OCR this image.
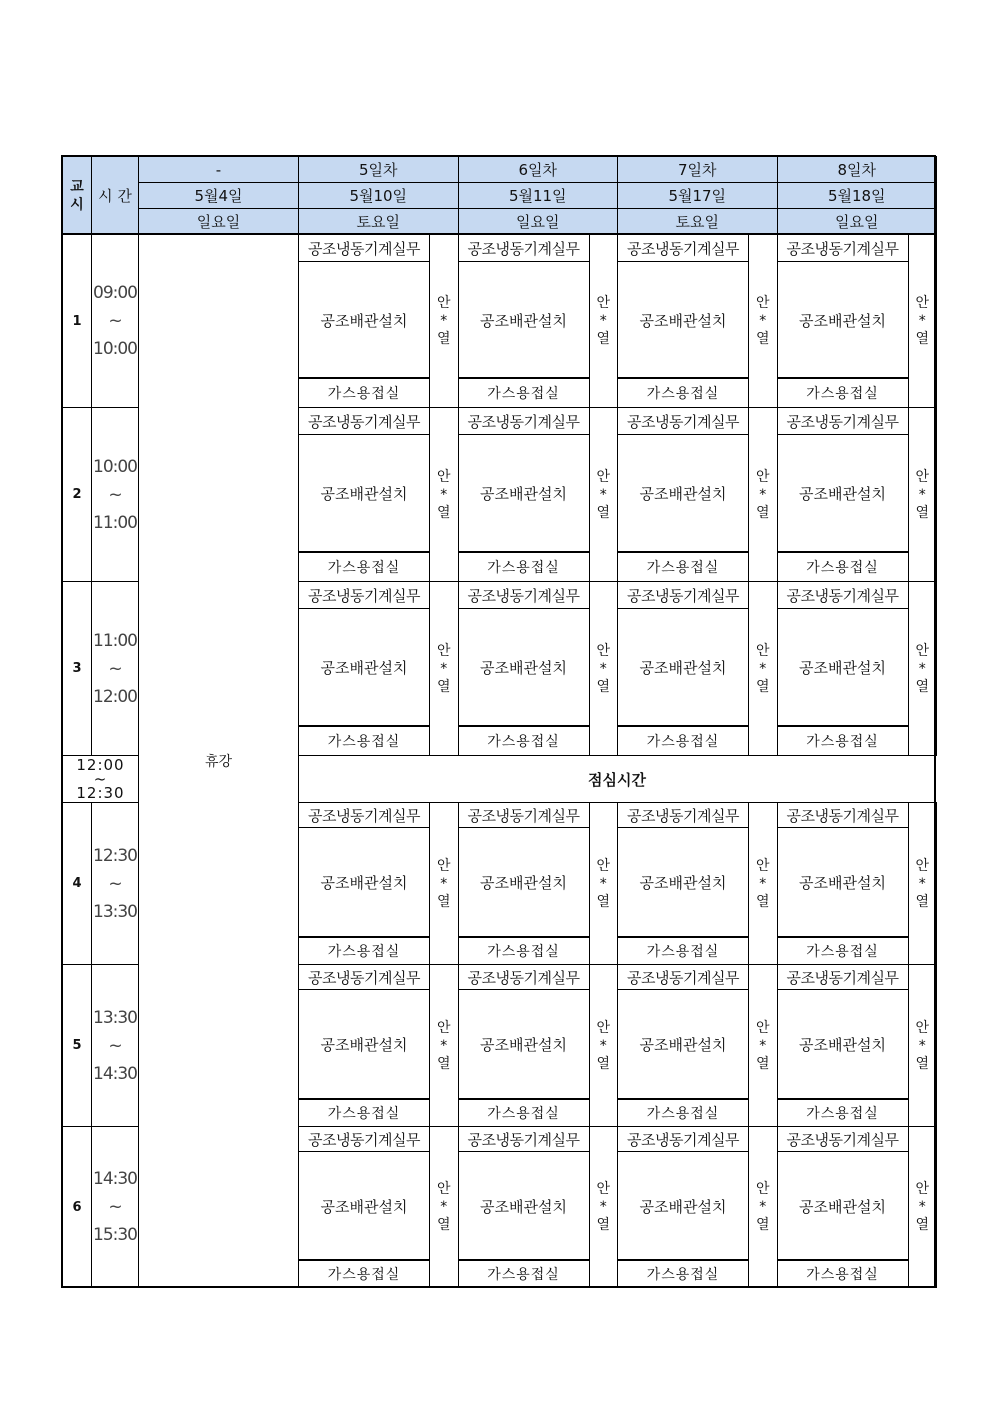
교
시 시 간
-
5월4일
일요일
5일차
5월10일
토요일
6일차
5월11일
일요일
7일차
5월17일
토요일
8일차
5월18일
일요일
휴강
1
09:00
~
10:00
공조냉동기계실무
공조배관설치
가스용접실
안
*
열
공조냉동기계실무
공조배관설치
가스용접실
안
*
열
공조냉동기계실무
공조배관설치
가스용접실
안
*
열
공조냉동기계실무
공조배관설치
가스용접실
안
*
열
2
10:00
~
11:00
공조냉동기계실무
공조배관설치
가스용접실
안
*
열
공조냉동기계실무
공조배관설치
가스용접실
안
*
열
공조냉동기계실무
공조배관설치
가스용접실
안
*
열
공조냉동기계실무
공조배관설치
가스용접실
안
*
열
3
11:00
~
12:00
공조냉동기계실무
공조배관설치
가스용접실
안
*
열
공조냉동기계실무
공조배관설치
가스용접실
안
*
열
공조냉동기계실무
공조배관설치
가스용접실
안
*
열
공조냉동기계실무
공조배관설치
가스용접실
안
*
열
4
12:30
~
13:30
공조냉동기계실무
공조배관설치
가스용접실
안
*
열
공조냉동기계실무
공조배관설치
가스용접실
안
*
열
공조냉동기계실무
공조배관설치
가스용접실
안
*
열
공조냉동기계실무
공조배관설치
가스용접실
안
*
열
5
13:30
~
14:30
공조냉동기계실무
공조배관설치
가스용접실
안
*
열
공조냉동기계실무
공조배관설치
가스용접실
안
*
열
공조냉동기계실무
공조배관설치
가스용접실
안
*
열
공조냉동기계실무
공조배관설치
가스용접실
안
*
열
6
14:30
~
15:30
공조냉동기계실무
공조배관설치
가스용접실
안
*
열
공조냉동기계실무
공조배관설치
가스용접실
안
*
열
공조냉동기계실무
공조배관설치
가스용접실
안
*
열
공조냉동기계실무
공조배관설치
가스용접실
안
*
열
12:00
~
12:30
점심시간
